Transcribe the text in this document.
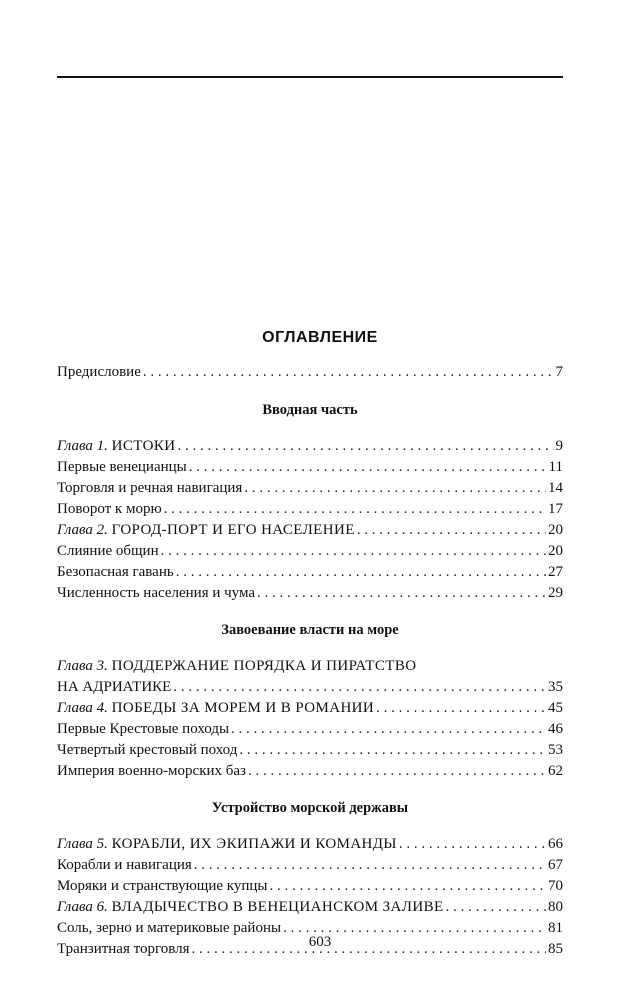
ОГЛАВЛЕНИЕ
Предисловие . . .	7
Вводная часть
Глава 1. ИСТОКИ . . .	9
Первые венецианцы . . .	11
Торговля и речная навигация . . .	14
Поворот к морю . . .	17
Глава 2. ГОРОД-ПОРТ И ЕГО НАСЕЛЕНИЕ . . .	20
Слияние общин . . .	20
Безопасная гавань . . .	27
Численность населения и чума . . .	29
Завоевание власти на море
Глава 3. ПОДДЕРЖАНИЕ ПОРЯДКА И ПИРАТСТВО
НА АДРИАТИКЕ . . .	35
Глава 4. ПОБЕДЫ ЗА МОРЕМ И В РОМАНИИ . . .	45
Первые Крестовые походы . . .	46
Четвертый крестовый поход . . .	53
Империя военно-морских баз . . .	62
Устройство морской державы
Глава 5. КОРАБЛИ, ИХ ЭКИПАЖИ И КОМАНДЫ . . .	66
Корабли и навигация . . .	67
Моряки и странствующие купцы . . .	70
Глава 6. ВЛАДЫЧЕСТВО В ВЕНЕЦИАНСКОМ ЗАЛИВЕ . . .	80
Соль, зерно и материковые районы . . .	81
Транзитная торговля . . .	85
603
